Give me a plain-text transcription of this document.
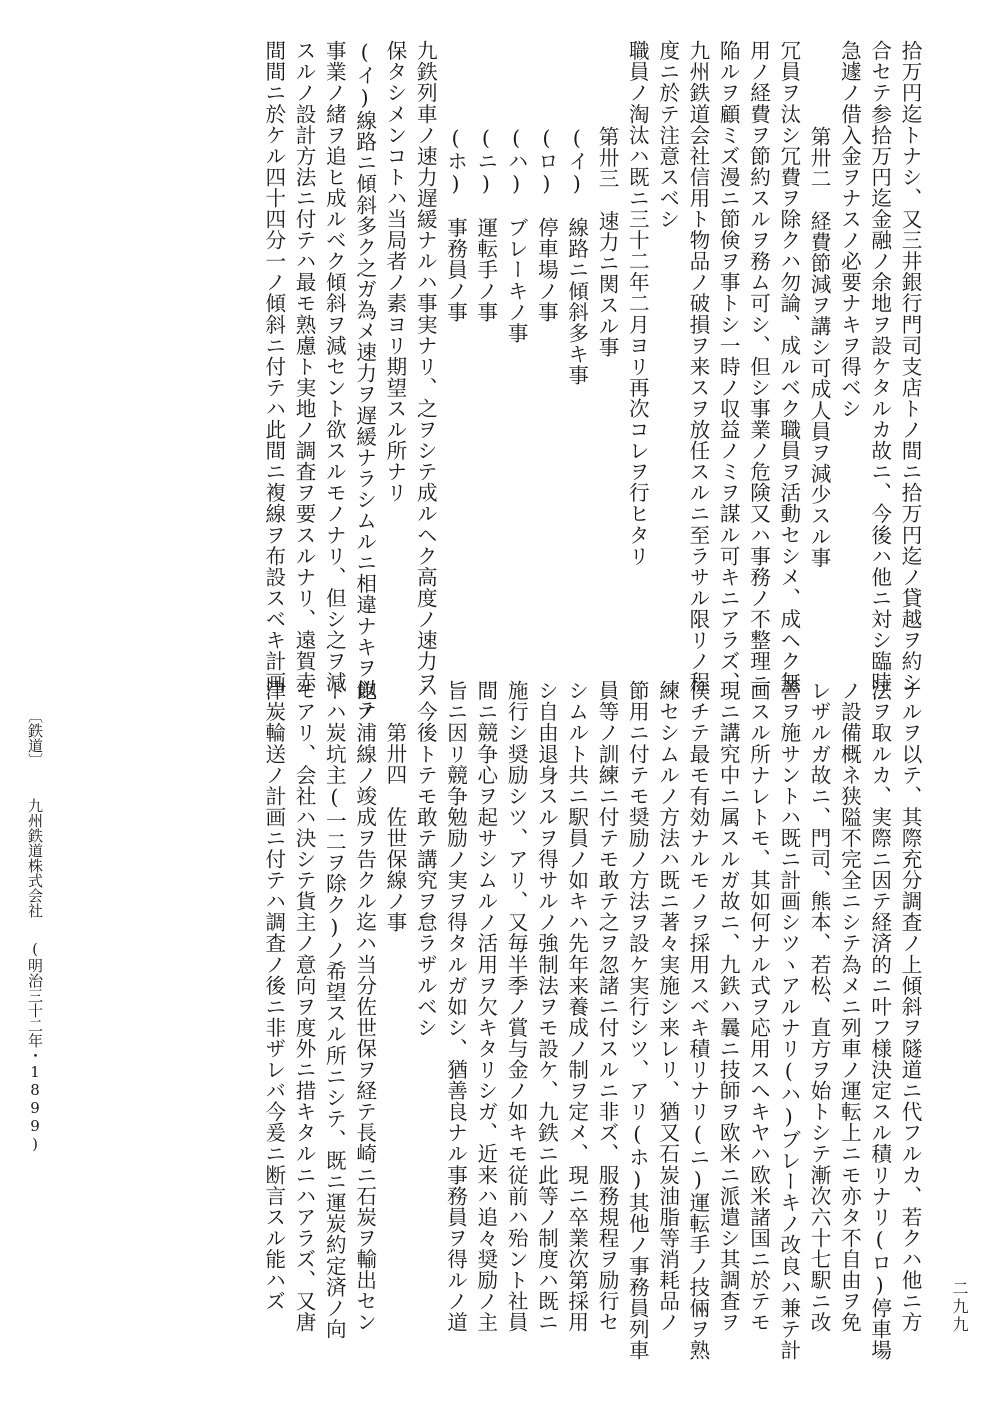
拾万円迄トナシ、又三井銀行門司支店トノ間ニ拾万円迄ノ貸越ヲ約シ
合セテ参拾万円迄金融ノ余地ヲ設ケタルカ故ニ、今後ハ他ニ対シ臨時
急遽ノ借入金ヲナスノ必要ナキヲ得ベシ
第卅二　経費節減ヲ講シ可成人員ヲ減少スル事
冗員ヲ汰シ冗費ヲ除クハ勿論、成ルベク職員ヲ活動セシメ、成ヘク無
用ノ経費ヲ節約スルヲ務ム可シ、但シ事業ノ危険又ハ事務ノ不整理ニ
陥ルヲ顧ミズ漫ニ節倹ヲ事トシ一時ノ収益ノミヲ謀ル可キニアラズ、
九州鉄道会社信用ト物品ノ破損ヲ来スヲ放任スルニ至ラサル限リノ程
度ニ於テ注意スベシ
職員ノ淘汰ハ既ニ三十二年二月ヨリ再次コレヲ行ヒタリ
第卅三　速力ニ関スル事
(イ)　線路ニ傾斜多キ事
(ロ)　停車場ノ事
(ハ)　ブレーキノ事
(ニ)　運転手ノ事
(ホ)　事務員ノ事
九鉄列車ノ速力遅緩ナルハ事実ナリ、之ヲシテ成ルヘク高度ノ速力ヲ
保タシメンコトハ当局者ノ素ヨリ期望スル所ナリ
(イ)線路ニ傾斜多ク之ガ為メ速力ヲ遅緩ナラシムルニ相違ナキヲ以テ
事業ノ緒ヲ追ヒ成ルベク傾斜ヲ減セント欲スルモノナリ、但シ之ヲ減
スルノ設計方法ニ付テハ最モ熟慮ト実地ノ調査ヲ要スルナリ、遠賀赤
間間ニ於ケル四十四分一ノ傾斜ニ付テハ此間ニ複線ヲ布設スベキ計画
ナルヲ以テ、其際充分調査ノ上傾斜ヲ隧道ニ代フルカ、若クハ他ニ方
法ヲ取ルカ、実際ニ因テ経済的ニ叶フ様決定スル積リナリ(ロ)停車場
ノ設備概ネ狭隘不完全ニシテ為メニ列車ノ運転上ニモ亦タ不自由ヲ免
レザルガ故ニ、門司、熊本、若松、直方ヲ始トシテ漸次六十七駅ニ改
善ヲ施サントハ既ニ計画シツヽアルナリ(ハ)ブレーキノ改良ハ兼テ計
画スル所ナレトモ、其如何ナル式ヲ応用スヘキヤハ欧米諸国ニ於テモ
現ニ講究中ニ属スルガ故ニ、九鉄ハ曩ニ技師ヲ欧米ニ派遣シ其調査ヲ
俟チテ最モ有効ナルモノヲ採用スベキ積リナリ(ニ)運転手ノ技倆ヲ熟
練セシムルノ方法ハ既ニ著々実施シ来レリ、猶又石炭油脂等消耗品ノ
節用ニ付テモ奨励ノ方法ヲ設ケ実行シツ、アリ(ホ)其他ノ事務員列車
員等ノ訓練ニ付テモ敢テ之ヲ忽諸ニ付スルニ非ズ、服務規程ヲ励行セ
シムルト共ニ駅員ノ如キハ先年来養成ノ制ヲ定メ、現ニ卒業次第採用
シ自由退身スルヲ得サルノ強制法ヲモ設ケ、九鉄ニ此等ノ制度ハ既ニ
施行シ奨励シツ、アリ、又毎半季ノ賞与金ノ如キモ従前ハ殆ント社員
間ニ競争心ヲ起サシムルノ活用ヲ欠キタリシガ、近来ハ追々奨励ノ主
旨ニ因リ競争勉励ノ実ヲ得タルガ如シ、猶善良ナル事務員ヲ得ルノ道
ハ今後トテモ敢テ講究ヲ怠ラザルベシ
第卅四　佐世保線ノ事
飽ノ浦線ノ竣成ヲ告クル迄ハ当分佐世保ヲ経テ長崎ニ石炭ヲ輸出セン
トハ炭坑主(一二ヲ除ク)ノ希望スル所ニシテ、既ニ運炭約定済ノ向
モアリ、会社ハ決シテ貨主ノ意向ヲ度外ニ措キタルニハアラズ、又唐
津炭輪送ノ計画ニ付テハ調査ノ後ニ非ザレバ今爰ニ断言スル能ハズ
〔鉄道〕九州鉄道株式会社(明治三十二年・1899)
二九九
